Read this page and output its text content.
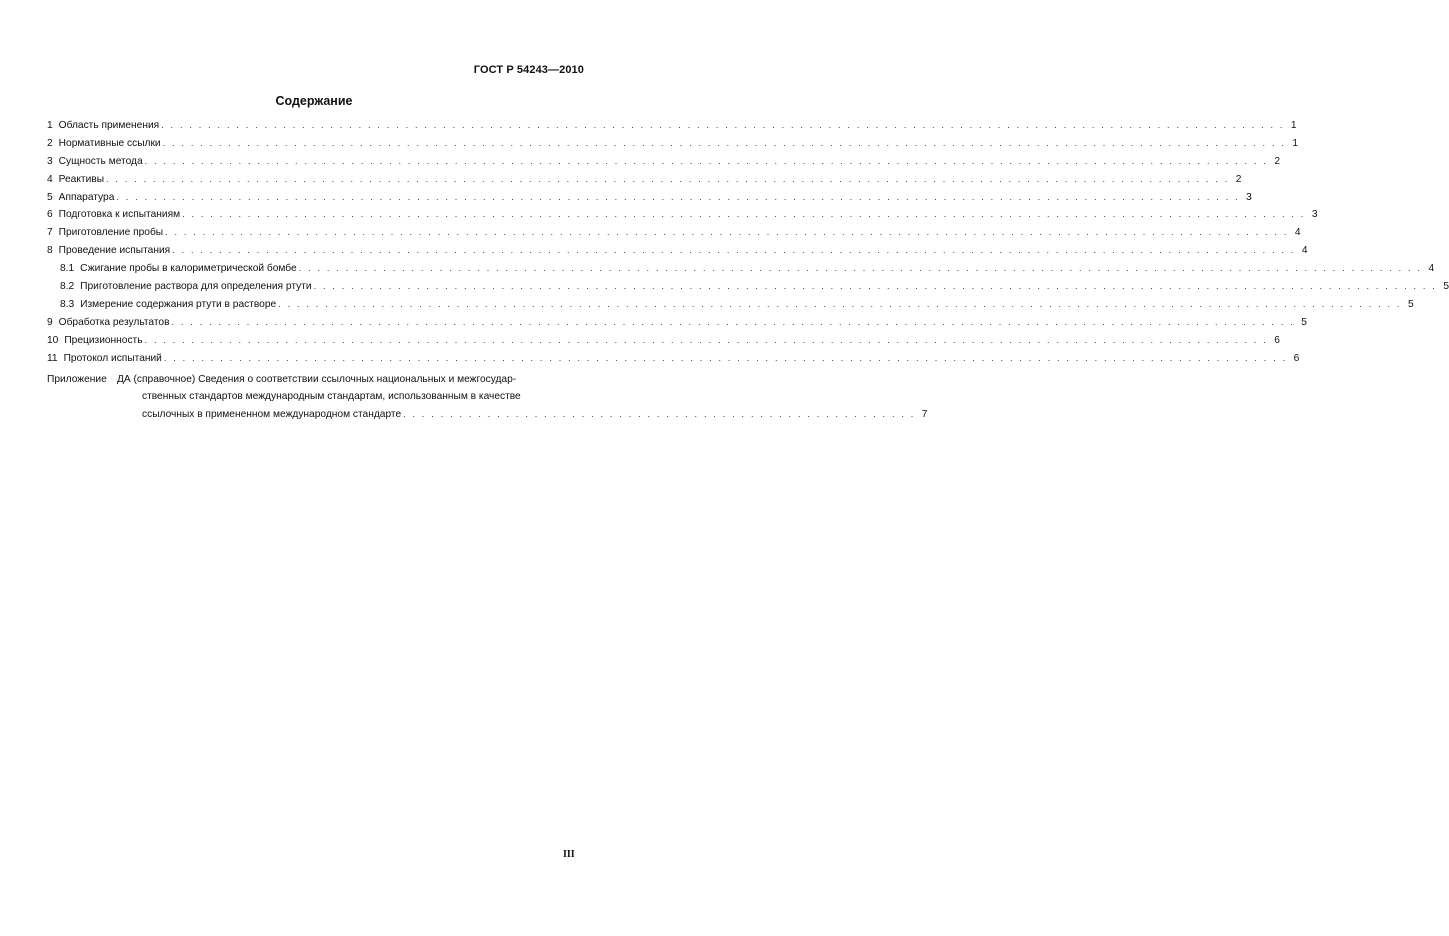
ГОСТ Р 54243—2010
Содержание
1 Область применения . . . . . . . . . . . . . . . . . . . . . . . . . . . . . . . . . . . . . . . . . . . . . . . . . . . . . . . . . . . . . . . . . . . . . . . . . . . . . . . . . . . . . . . . . . . . . . . . . . . . . . . . . . . . . . . . . . . . . . . . 1
2 Нормативные ссылки . . . . . . . . . . . . . . . . . . . . . . . . . . . . . . . . . . . . . . . . . . . . . . . . . . . . . . . . . . . . . . . . . . . . . . . . . . . . . . . . . . . . . . . . . . . . . . . . . . . . . . . . . . . . . . . . . . . . . . . . 1
3 Сущность метода . . . . . . . . . . . . . . . . . . . . . . . . . . . . . . . . . . . . . . . . . . . . . . . . . . . . . . . . . . . . . . . . . . . . . . . . . . . . . . . . . . . . . . . . . . . . . . . . . . . . . . . . . . . . . . . . . . . . . . . . 2
4 Реактивы . . . . . . . . . . . . . . . . . . . . . . . . . . . . . . . . . . . . . . . . . . . . . . . . . . . . . . . . . . . . . . . . . . . . . . . . . . . . . . . . . . . . . . . . . . . . . . . . . . . . . . . . . . . . . . . . . . . . . . . . 2
5 Аппаратура . . . . . . . . . . . . . . . . . . . . . . . . . . . . . . . . . . . . . . . . . . . . . . . . . . . . . . . . . . . . . . . . . . . . . . . . . . . . . . . . . . . . . . . . . . . . . . . . . . . . . . . . . . . . . . . . . . . . . . . . 3
6 Подготовка к испытаниям . . . . . . . . . . . . . . . . . . . . . . . . . . . . . . . . . . . . . . . . . . . . . . . . . . . . . . . . . . . . . . . . . . . . . . . . . . . . . . . . . . . . . . . . . . . . . . . . . . . . . . . . . . . . . . . . . . . . . . . . 3
7 Приготовление пробы . . . . . . . . . . . . . . . . . . . . . . . . . . . . . . . . . . . . . . . . . . . . . . . . . . . . . . . . . . . . . . . . . . . . . . . . . . . . . . . . . . . . . . . . . . . . . . . . . . . . . . . . . . . . . . . . . . . . . . . . 4
8 Проведение испытания . . . . . . . . . . . . . . . . . . . . . . . . . . . . . . . . . . . . . . . . . . . . . . . . . . . . . . . . . . . . . . . . . . . . . . . . . . . . . . . . . . . . . . . . . . . . . . . . . . . . . . . . . . . . . . . . . . . . . . . . 4
8.1 Сжигание пробы в калориметрической бомбе . . . . . . . . . . . . . . . . . . . . . . . . . . . . . . . . . . . . . . . . . . . . . . . . . . . . . . . . . . . . . . . . . . . . . . . . . . . . . . . . . . . . . . . . . . . . . . . . . . . . . . . . . . . . . . . . . . . . . . . . 4
8.2 Приготовление раствора для определения ртути . . . . . . . . . . . . . . . . . . . . . . . . . . . . . . . . . . . . . . . . . . . . . . . . . . . . . . . . . . . . . . . . . . . . . . . . . . . . . . . . . . . . . . . . . . . . . . . . . . . . . . . . . . . . . . . . . . . . . . . . 5
8.3 Измерение содержания ртути в растворе . . . . . . . . . . . . . . . . . . . . . . . . . . . . . . . . . . . . . . . . . . . . . . . . . . . . . . . . . . . . . . . . . . . . . . . . . . . . . . . . . . . . . . . . . . . . . . . . . . . . . . . . . . . . . . . . . . . . . . . . 5
9 Обработка результатов . . . . . . . . . . . . . . . . . . . . . . . . . . . . . . . . . . . . . . . . . . . . . . . . . . . . . . . . . . . . . . . . . . . . . . . . . . . . . . . . . . . . . . . . . . . . . . . . . . . . . . . . . . . . . . . . . . . . . . . . 5
10 Прецизионность . . . . . . . . . . . . . . . . . . . . . . . . . . . . . . . . . . . . . . . . . . . . . . . . . . . . . . . . . . . . . . . . . . . . . . . . . . . . . . . . . . . . . . . . . . . . . . . . . . . . . . . . . . . . . . . . . . . . . . . . 6
11 Протокол испытаний . . . . . . . . . . . . . . . . . . . . . . . . . . . . . . . . . . . . . . . . . . . . . . . . . . . . . . . . . . . . . . . . . . . . . . . . . . . . . . . . . . . . . . . . . . . . . . . . . . . . . . . . . . . . . . . . . . . . . . . . 6
Приложение	ДА (справочное) Сведения о соответствии ссылочных национальных и межгосудар-
ственных стандартов международным стандартам, использованным в качестве
ссылочных в примененном международном стандарте . . . . . . . . . . . . . . . . . . . . . . . . . . . . . . . . . . . . . . . . . . . . . . . . . . . . . . . 7
III
